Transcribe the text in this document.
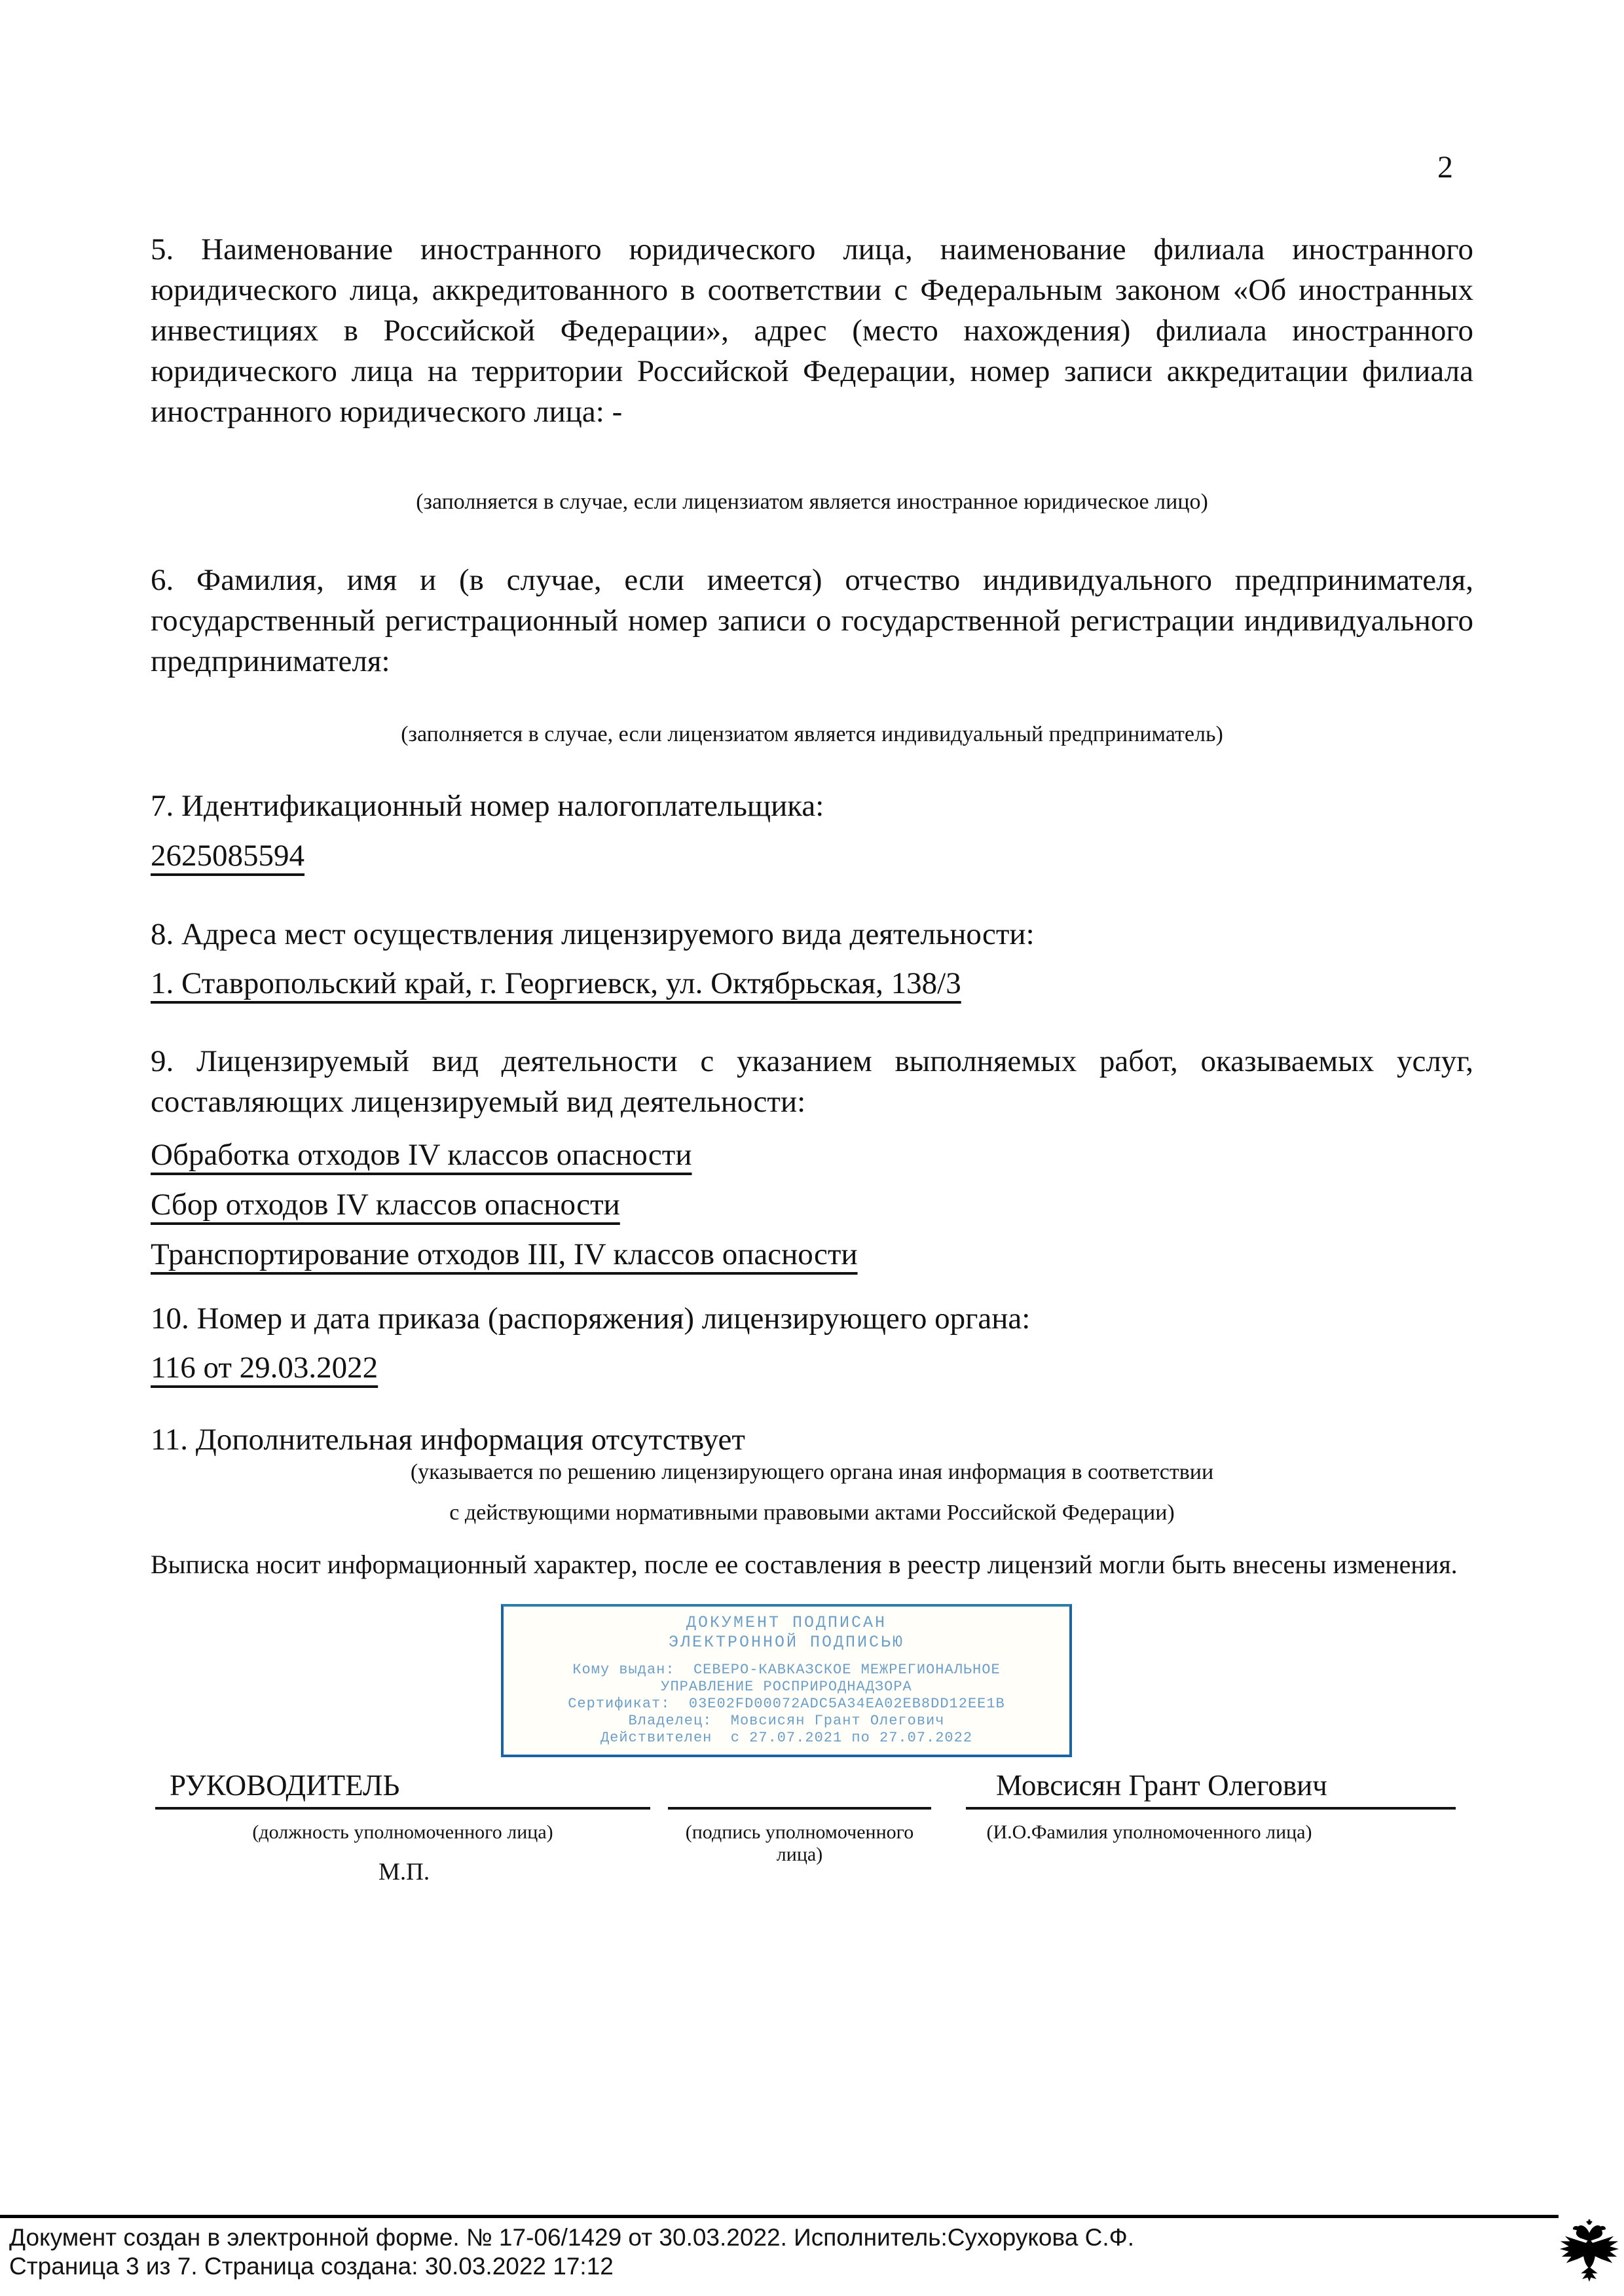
2
5. Наименование иностранного юридического лица, наименование филиала иностранного юридического лица, аккредитованного в соответствии с Федеральным законом «Об иностранных инвестициях в Российской Федерации», адрес (место нахождения) филиала иностранного юридического лица на территории Российской Федерации, номер записи аккредитации филиала иностранного юридического лица: -
(заполняется в случае, если лицензиатом является иностранное юридическое лицо)
6. Фамилия, имя и (в случае, если имеется) отчество индивидуального предпринимателя, государственный регистрационный номер записи о государственной регистрации индивидуального предпринимателя:
(заполняется в случае, если лицензиатом является индивидуальный предприниматель)
7. Идентификационный номер налогоплательщика:
2625085594
8. Адреса мест осуществления лицензируемого вида деятельности:
1. Ставропольский край, г. Георгиевск, ул. Октябрьская, 138/3
9. Лицензируемый вид деятельности с указанием выполняемых работ, оказываемых услуг, составляющих лицензируемый вид деятельности:
Обработка отходов IV классов опасности
Сбор отходов IV классов опасности
Транспортирование отходов III, IV классов опасности
10. Номер и дата приказа (распоряжения) лицензирующего органа:
116 от 29.03.2022
11. Дополнительная информация отсутствует
(указывается по решению лицензирующего органа иная информация в соответствии
с действующими нормативными правовыми актами Российской Федерации)
Выписка носит информационный характер, после ее составления в реестр лицензий могли быть внесены изменения.
ДОКУМЕНТ ПОДПИСАН
ЭЛЕКТРОННОЙ ПОДПИСЬЮ
Кому выдан: СЕВЕРО-КАВКАЗСКОЕ МЕЖРЕГИОНАЛЬНОЕ
УПРАВЛЕНИЕ РОСПРИРОДНАДЗОРА
Сертификат: 03E02FD00072ADC5A34EA02EB8DD12EE1B
Владелец: Мовсисян Грант Олегович
Действителен с 27.07.2021 по 27.07.2022
РУКОВОДИТЕЛЬ
(должность уполномоченного лица)	(подпись уполномоченного лица)
Мовсисян Грант Олегович
(И.О.Фамилия уполномоченного лица)
М.П.
Документ создан в электронной форме. № 17-06/1429 от 30.03.2022. Исполнитель:Сухорукова С.Ф.
Страница 3 из 7. Страница создана: 30.03.2022 17:12
